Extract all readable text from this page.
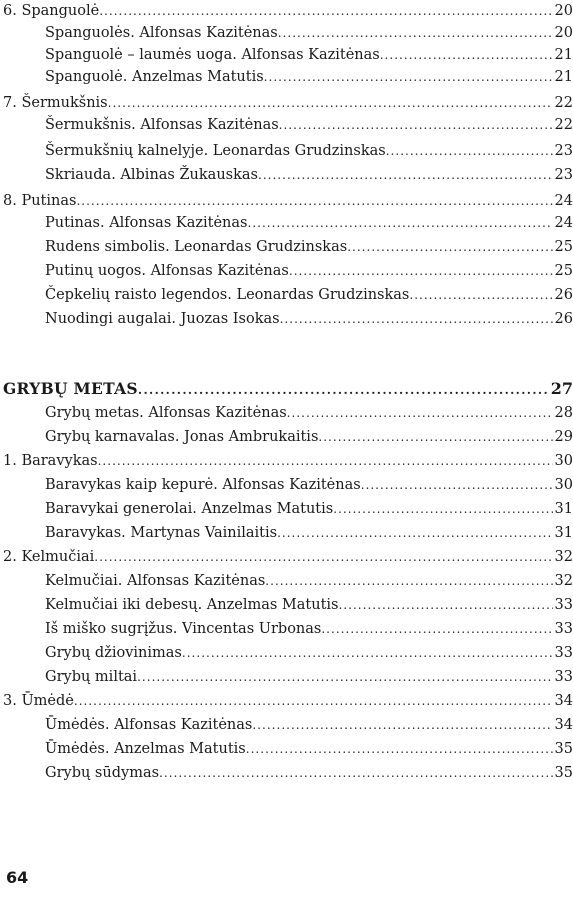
6. Spanguolė . . .	20
Spanguolės. Alfonsas Kazitėnas . . .	20
Spanguolė – laumės uoga. Alfonsas Kazitėnas . . .	21
Spanguolė. Anzelmas Matutis . . .	21
7. Šermukšnis . . .	22
Šermukšnis. Alfonsas Kazitėnas . . .	22
Šermukšnių kalnelyje. Leonardas Grudzinskas . . .	23
Skriauda. Albinas Žukauskas . . .	23
8. Putinas . . .	24
Putinas. Alfonsas Kazitėnas . . .	24
Rudens simbolis. Leonardas Grudzinskas . . .	25
Putinų uogos. Alfonsas Kazitėnas . . .	25
Čepkelių raisto legendos. Leonardas Grudzinskas . . .	26
Nuodingi augalai. Juozas Isokas . . .	26
GRYBŲ METAS . . .	27
Grybų metas. Alfonsas Kazitėnas . . .	28
Grybų karnavalas. Jonas Ambrukaitis . . .	29
1. Baravykas . . .	30
Baravykas kaip kepurė. Alfonsas Kazitėnas . . .	30
Baravykai generolai. Anzelmas Matutis . . .	31
Baravykas. Martynas Vainilaitis . . .	31
2. Kelmučiai . . .	32
Kelmučiai. Alfonsas Kazitėnas . . .	32
Kelmučiai iki debesų. Anzelmas Matutis . . .	33
Iš miško sugrįžus. Vincentas Urbonas . . .	33
Grybų džiovinimas . . .	33
Grybų miltai . . .	33
3. Ūmėdė . . .	34
Ūmėdės. Alfonsas Kazitėnas . . .	34
Ūmėdės. Anzelmas Matutis . . .	35
Grybų sūdymas . . .	35
64
